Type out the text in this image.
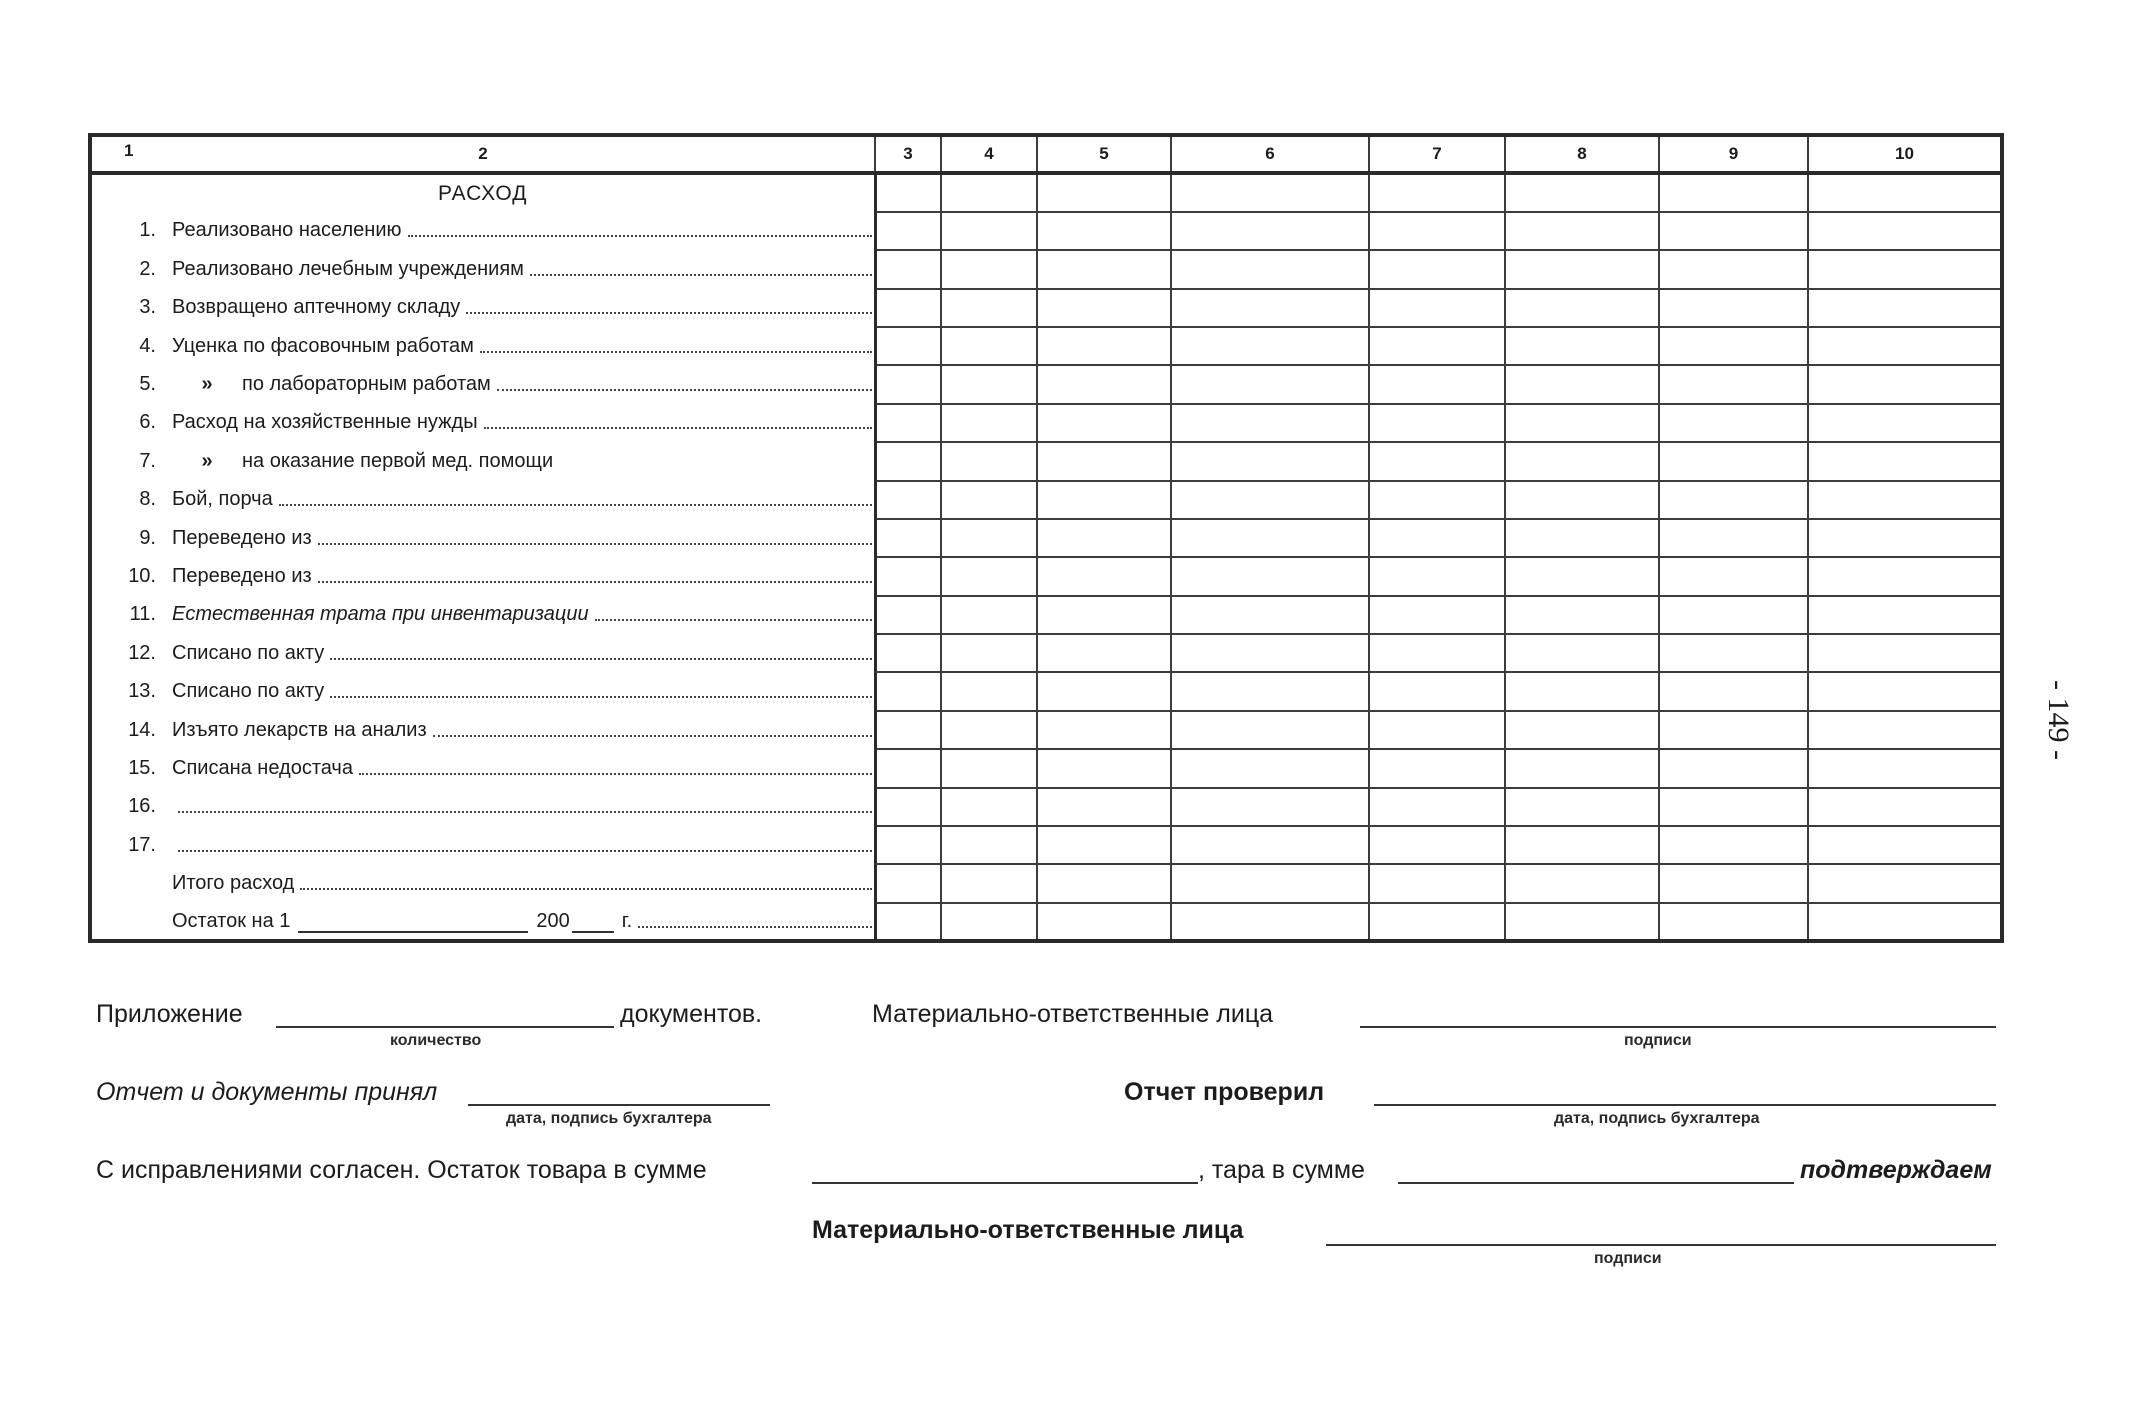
1 2	3	4	5	6	7	8	9	10
РАСХОД								

1. Реализовано населению								

2. Реализовано лечебным учреждениям								

3. Возвращено аптечному складу								

4. Уценка по фасовочным работам								

5. » по лабораторным работам								

6. Расход на хозяйственные нужды								

7. » на оказание первой мед. помощи								

8. Бой, порча								

9. Переведено из								

10. Переведено из								

11. Естественная трата при инвентаризации								

12. Списано по акту								

13. Списано по акту								

14. Изъято лекарств на анализ								

15. Списана недостача								

16.								

17.								

Итого расход								

Остаток на 1 200 г.								

Приложение
количество
документов.	Материально-ответственные лица
подписи
Отчет и документы принял
дата, подпись бухгалтера
Отчет проверил
дата, подпись бухгалтера
С исправлениями согласен. Остаток товара в сумме	, тара в сумме	подтверждаем
Материально-ответственные лица
подписи
- 149 -
